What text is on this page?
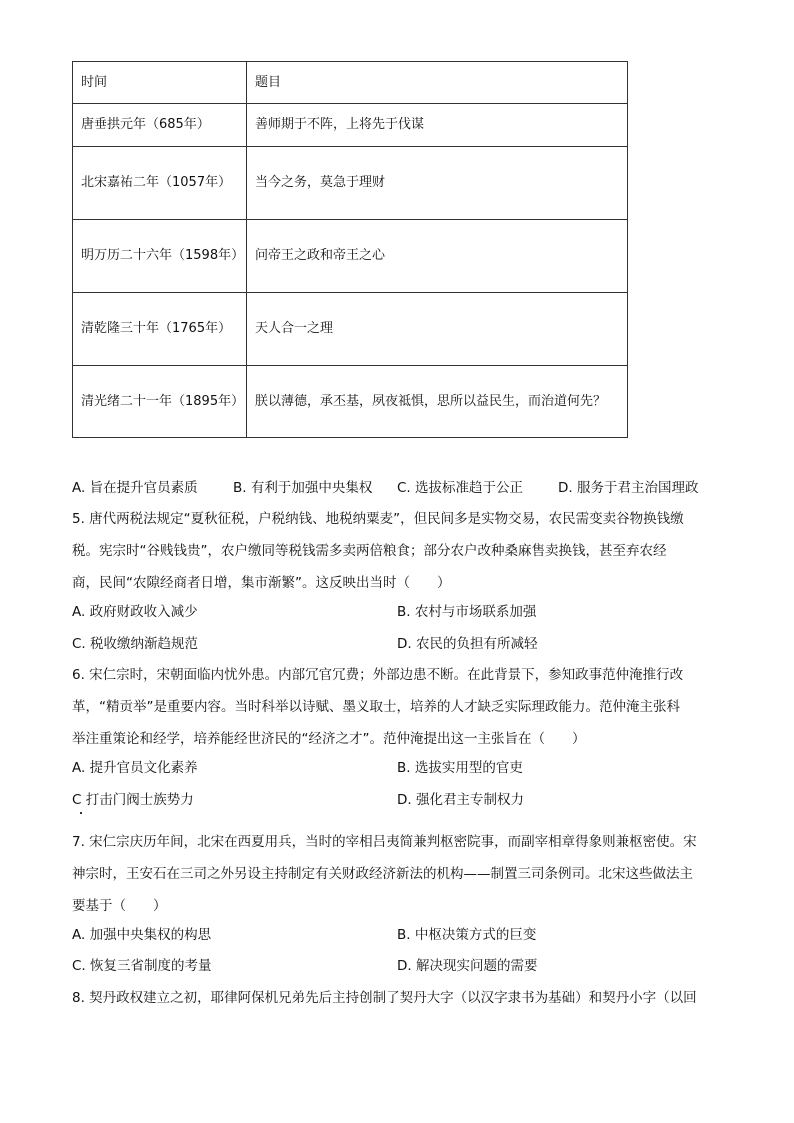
时间	题目
唐垂拱元年（685年）	善师期于不阵，上将先于伐谋
北宋嘉祐二年（1057年）	当今之务，莫急于理财
明万历二十六年（1598年）	问帝王之政和帝王之心
清乾隆三十年（1765年）	天人合一之理
清光绪二十一年（1895年）	朕以薄德，承丕基，夙夜祗惧，思所以益民生，而治道何先？
A. 旨在提升官员素质	B. 有利于加强中央集权 C. 选拔标准趋于公正	D. 服务于君主治国理政
5. 唐代两税法规定“夏秋征税，户税纳钱、地税纳粟麦”，但民间多是实物交易，农民需变卖谷物换钱缴
税。宪宗时“谷贱钱贵”，农户缴同等税钱需多卖两倍粮食；部分农户改种桑麻售卖换钱，甚至弃农经
商，民间“农隙经商者日增，集市渐繁”。这反映出当时（　　）
A. 政府财政收入减少	B. 农村与市场联系加强
C. 税收缴纳渐趋规范	D. 农民的负担有所减轻
6. 宋仁宗时，宋朝面临内忧外患。内部冗官冗费；外部边患不断。在此背景下，参知政事范仲淹推行改
革，“精贡举”是重要内容。当时科举以诗赋、墨义取士，培养的人才缺乏实际理政能力。范仲淹主张科
举注重策论和经学，培养能经世济民的“经济之才”。范仲淹提出这一主张旨在（　　）
A. 提升官员文化素养	B. 选拔实用型的官吏
C 打击门阀士族势力	D. 强化君主专制权力
7. 宋仁宗庆历年间，北宋在西夏用兵，当时的宰相吕夷简兼判枢密院事，而副宰相章得象则兼枢密使。宋
神宗时，王安石在三司之外另设主持制定有关财政经济新法的机构——制置三司条例司。北宋这些做法主
要基于（　　）
A. 加强中央集权的构思	B. 中枢决策方式的巨变
C. 恢复三省制度的考量	D. 解决现实问题的需要
8. 契丹政权建立之初，耶律阿保机兄弟先后主持创制了契丹大字（以汉字隶书为基础）和契丹小字（以回
